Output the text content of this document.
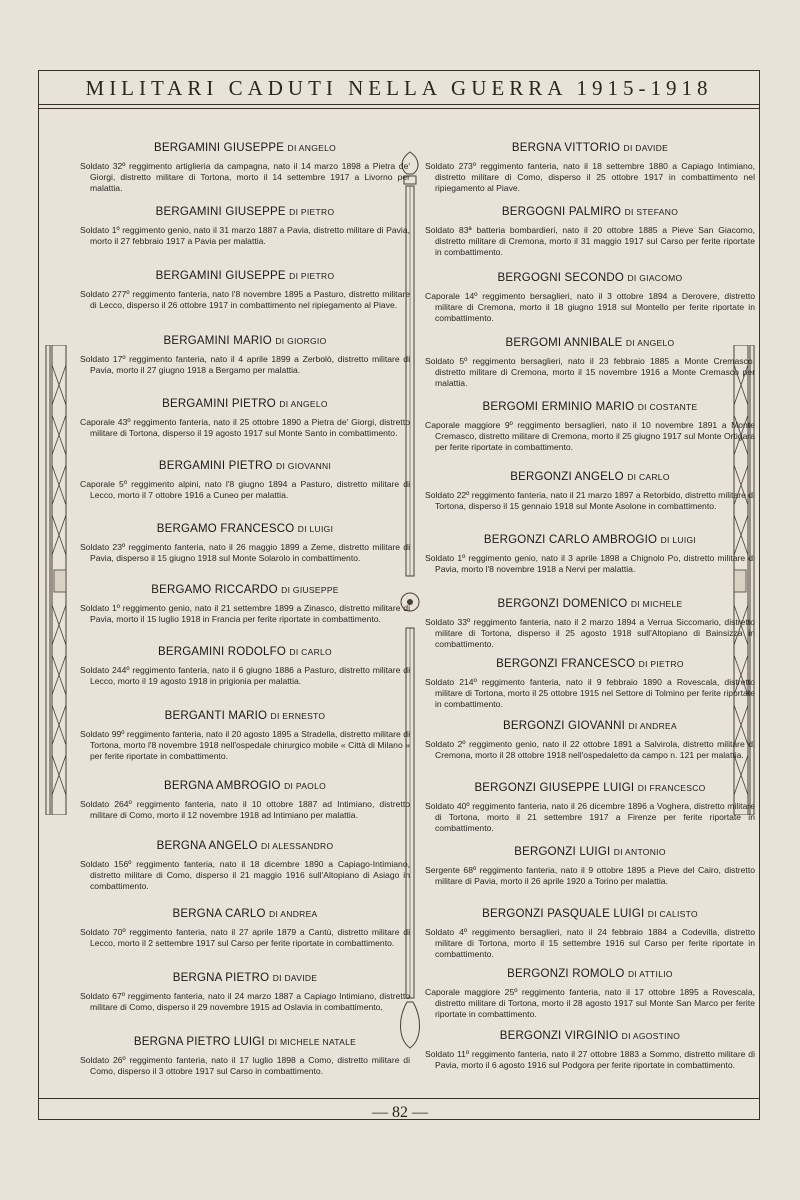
MILITARI CADUTI NELLA GUERRA 1915-1918
BERGAMINI GIUSEPPE DI ANGELO
Soldato 32º reggimento artiglieria da campagna, nato il 14 marzo 1898 a Pietra de' Giorgi, distretto militare di Tortona, morto il 14 settembre 1917 a Livorno per malattia.
BERGAMINI GIUSEPPE DI PIETRO
Soldato 1º reggimento genio, nato il 31 marzo 1887 a Pavia, distretto militare di Pavia, morto il 27 febbraio 1917 a Pavia per malattia.
BERGAMINI GIUSEPPE DI PIETRO
Soldato 277º reggimento fanteria, nato l'8 novembre 1895 a Pasturo, distretto militare di Lecco, disperso il 26 ottobre 1917 in combattimento nel ripiegamento al Piave.
BERGAMINI MARIO DI GIORGIO
Soldato 17º reggimento fanteria, nato il 4 aprile 1899 a Zerbolò, distretto militare di Pavia, morto il 27 giugno 1918 a Bergamo per malattia.
BERGAMINI PIETRO DI ANGELO
Caporale 43º reggimento fanteria, nato il 25 ottobre 1890 a Pietra de' Giorgi, distretto militare di Tortona, disperso il 19 agosto 1917 sul Monte Santo in combattimento.
BERGAMINI PIETRO DI GIOVANNI
Caporale 5º reggimento alpini, nato l'8 giugno 1894 a Pasturo, distretto militare di Lecco, morto il 7 ottobre 1916 a Cuneo per malattia.
BERGAMO FRANCESCO DI LUIGI
Soldato 23º reggimento fanteria, nato il 26 maggio 1899 a Zeme, distretto militare di Pavia, disperso il 15 giugno 1918 sul Monte Solarolo in combattimento.
BERGAMO RICCARDO DI GIUSEPPE
Soldato 1º reggimento genio, nato il 21 settembre 1899 a Zinasco, distretto militare di Pavia, morto il 15 luglio 1918 in Francia per ferite riportate in combattimento.
BERGAMINI RODOLFO DI CARLO
Soldato 244º reggimento fanteria, nato il 6 giugno 1886 a Pasturo, distretto militare di Lecco, morto il 19 agosto 1918 in prigionia per malattia.
BERGANTI MARIO DI ERNESTO
Soldato 99º reggimento fanteria, nato il 20 agosto 1895 a Stradella, distretto militare di Tortona, morto l'8 novembre 1918 nell'ospedale chirurgico mobile « Città di Milano » per ferite riportate in combattimento.
BERGNA AMBROGIO DI PAOLO
Soldato 264º reggimento fanteria, nato il 10 ottobre 1887 ad Intimiano, distretto militare di Como, morto il 12 novembre 1918 ad Intimiano per malattia.
BERGNA ANGELO DI ALESSANDRO
Soldato 156º reggimento fanteria, nato il 18 dicembre 1890 a Capiago-Intimiano, distretto militare di Como, disperso il 21 maggio 1916 sull'Altopiano di Asiago in combattimento.
BERGNA CARLO DI ANDREA
Soldato 70º reggimento fanteria, nato il 27 aprile 1879 a Cantù, distretto militare di Lecco, morto il 2 settembre 1917 sul Carso per ferite riportate in combattimento.
BERGNA PIETRO DI DAVIDE
Soldato 67º reggimento fanteria, nato il 24 marzo 1887 a Capiago Intimiano, distretto militare di Como, disperso il 29 novembre 1915 ad Oslavia in combattimento.
BERGNA PIETRO LUIGI DI MICHELE NATALE
Soldato 26º reggimento fanteria, nato il 17 luglio 1898 a Como, distretto militare di Como, disperso il 3 ottobre 1917 sul Carso in combattimento.
BERGNA VITTORIO DI DAVIDE
Soldato 273º reggimento fanteria, nato il 18 settembre 1880 a Capiago Intimiano, distretto militare di Como, disperso il 25 ottobre 1917 in combattimento nel ripiegamento al Piave.
BERGOGNI PALMIRO DI STEFANO
Soldato 83ª batteria bombardieri, nato il 20 ottobre 1885 a Pieve San Giacomo, distretto militare di Cremona, morto il 31 maggio 1917 sul Carso per ferite riportate in combattimento.
BERGOGNI SECONDO DI GIACOMO
Caporale 14º reggimento bersaglieri, nato il 3 ottobre 1894 a Derovere, distretto militare di Cremona, morto il 18 giugno 1918 sul Montello per ferite riportate in combattimento.
BERGOMI ANNIBALE DI ANGELO
Soldato 5º reggimento bersaglieri, nato il 23 febbraio 1885 a Monte Cremasco, distretto militare di Cremona, morto il 15 novembre 1916 a Monte Cremasco per malattia.
BERGOMI ERMINIO MARIO DI COSTANTE
Caporale maggiore 9º reggimento bersaglieri, nato il 10 novembre 1891 a Monte Cremasco, distretto militare di Cremona, morto il 25 giugno 1917 sul Monte Ortigara per ferite riportate in combattimento.
BERGONZI ANGELO DI CARLO
Soldato 22º reggimento fanteria, nato il 21 marzo 1897 a Retorbido, distretto militare di Tortona, disperso il 15 gennaio 1918 sul Monte Asolone in combattimento.
BERGONZI CARLO AMBROGIO DI LUIGI
Soldato 1º reggimento genio, nato il 3 aprile 1898 a Chignolo Po, distretto militare di Pavia, morto l'8 novembre 1918 a Nervi per malattia.
BERGONZI DOMENICO DI MICHELE
Soldato 33º reggimento fanteria, nato il 2 marzo 1894 a Verrua Siccomario, distretto militare di Tortona, disperso il 25 agosto 1918 sull'Altopiano di Bainsizza in combattimento.
BERGONZI FRANCESCO DI PIETRO
Soldato 214º reggimento fanteria, nato il 9 febbraio 1890 a Rovescala, distretto militare di Tortona, morto il 25 ottobre 1915 nel Settore di Tolmino per ferite riportate in combattimento.
BERGONZI GIOVANNI DI ANDREA
Soldato 2º reggimento genio, nato il 22 ottobre 1891 a Salvirola, distretto militare di Cremona, morto il 28 ottobre 1918 nell'ospedaletto da campo n. 121 per malattia.
BERGONZI GIUSEPPE LUIGI DI FRANCESCO
Soldato 40º reggimento fanteria, nato il 26 dicembre 1896 a Voghera, distretto militare di Tortona, morto il 21 settembre 1917 a Firenze per ferite riportate in combattimento.
BERGONZI LUIGI DI ANTONIO
Sergente 68º reggimento fanteria, nato il 9 ottobre 1895 a Pieve del Cairo, distretto militare di Pavia, morto il 26 aprile 1920 a Torino per malattia.
BERGONZI PASQUALE LUIGI DI CALISTO
Soldato 4º reggimento bersaglieri, nato il 24 febbraio 1884 a Codevilla, distretto militare di Tortona, morto il 15 settembre 1916 sul Carso per ferite riportate in combattimento.
BERGONZI ROMOLO DI ATTILIO
Caporale maggiore 25º reggimento fanteria, nato il 17 ottobre 1895 a Rovescala, distretto militare di Tortona, morto il 28 agosto 1917 sul Monte San Marco per ferite riportate in combattimento.
BERGONZI VIRGINIO DI AGOSTINO
Soldato 11º reggimento fanteria, nato il 27 ottobre 1883 a Sommo, distretto militare di Pavia, morto il 6 agosto 1916 sul Podgora per ferite riportate in combattimento.
— 82 —
